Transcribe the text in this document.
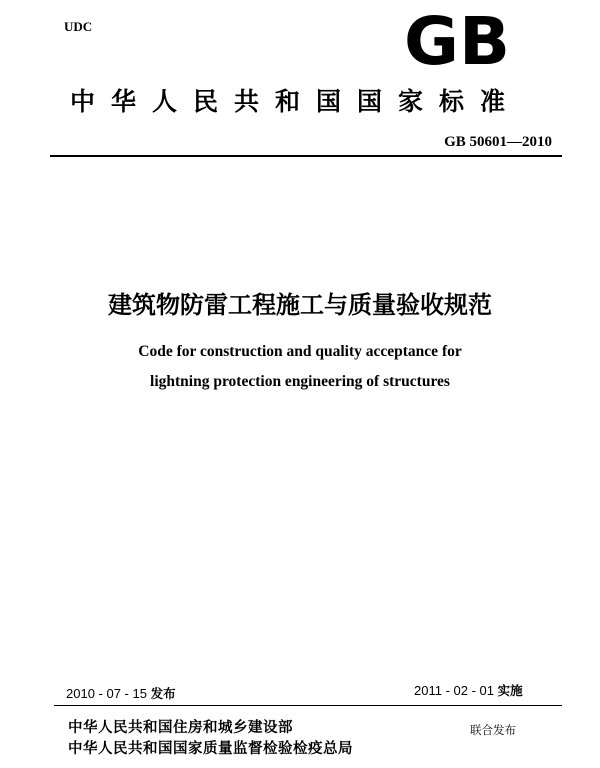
UDC	GB
中华人民共和国国家标准
GB 50601—2010
建筑物防雷工程施工与质量验收规范
Code for construction and quality acceptance for
lightning protection engineering of structures
2010 - 07 - 15 发布	2011 - 02 - 01 实施
中华人民共和国住房和城乡建设部
中华人民共和国国家质量监督检验检疫总局
联合发布
